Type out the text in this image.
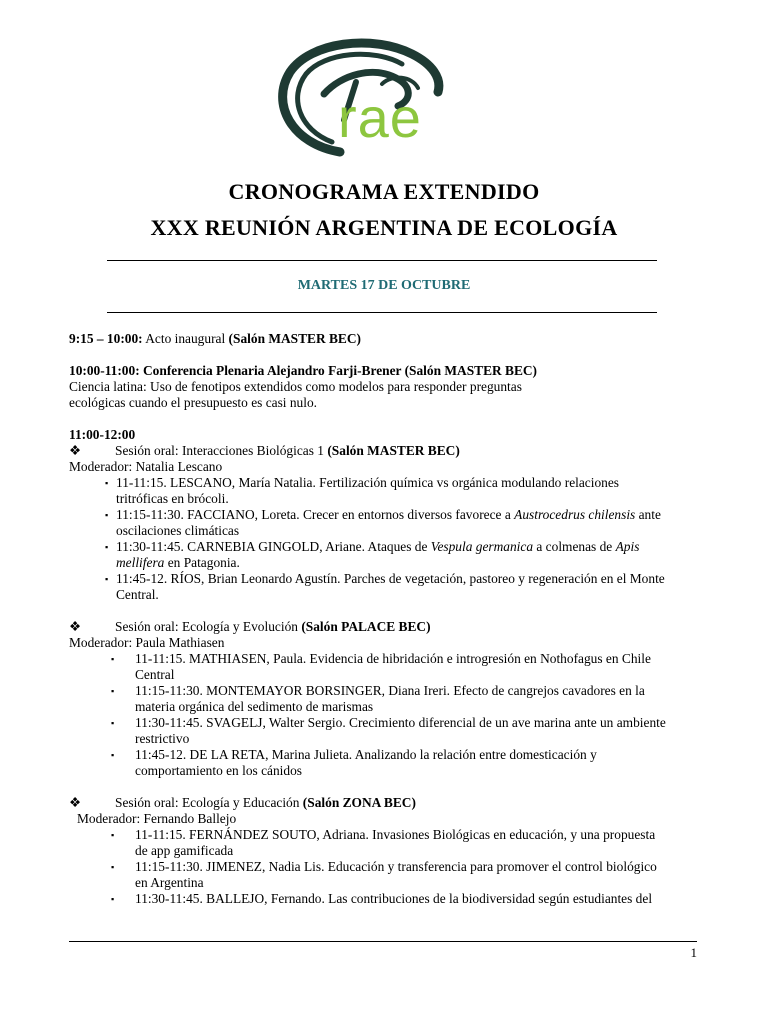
rae
CRONOGRAMA EXTENDIDO
XXX REUNIÓN ARGENTINA DE ECOLOGÍA
MARTES 17 DE OCTUBRE

9:15 – 10:00: Acto inaugural (Salón MASTER BEC)

10:00-11:00: Conferencia Plenaria Alejandro Farji-Brener (Salón MASTER BEC)

Ciencia latina: Uso de fenotipos extendidos como modelos para responder preguntas

ecológicas cuando el presupuesto es casi nulo.

11:00-12:00

❖	Sesión oral: Interacciones Biológicas 1 (Salón MASTER BEC)

Moderador: Natalia Lescano

▪ 11-11:15. LESCANO, María Natalia. Fertilización química vs orgánica modulando relaciones
tritróficas en brócoli.
▪ 11:15-11:30. FACCIANO, Loreta. Crecer en entornos diversos favorece a Austrocedrus chilensis ante
oscilaciones climáticas
▪ 11:30-11:45. CARNEBIA GINGOLD, Ariane. Ataques de Vespula germanica a colmenas de Apis
mellifera en Patagonia.
▪ 11:45-12. RÍOS, Brian Leonardo Agustín. Parches de vegetación, pastoreo y regeneración en el Monte
Central.

❖	Sesión oral: Ecología y Evolución (Salón PALACE BEC)

Moderador: Paula Mathiasen

▪ 11-11:15. MATHIASEN, Paula. Evidencia de hibridación e introgresión en Nothofagus en Chile
Central
▪ 11:15-11:30. MONTEMAYOR BORSINGER, Diana Ireri. Efecto de cangrejos cavadores en la
materia orgánica del sedimento de marismas
▪ 11:30-11:45. SVAGELJ, Walter Sergio. Crecimiento diferencial de un ave marina ante un ambiente
restrictivo
▪ 11:45-12. DE LA RETA, Marina Julieta. Analizando la relación entre domesticación y
comportamiento en los cánidos

❖	Sesión oral: Ecología y Educación (Salón ZONA BEC)

Moderador: Fernando Ballejo

▪ 11-11:15. FERNÁNDEZ SOUTO, Adriana. Invasiones Biológicas en educación, y una propuesta
de app gamificada
▪ 11:15-11:30. JIMENEZ, Nadia Lis. Educación y transferencia para promover el control biológico
en Argentina
▪ 11:30-11:45. BALLEJO, Fernando. Las contribuciones de la biodiversidad según estudiantes del
1
